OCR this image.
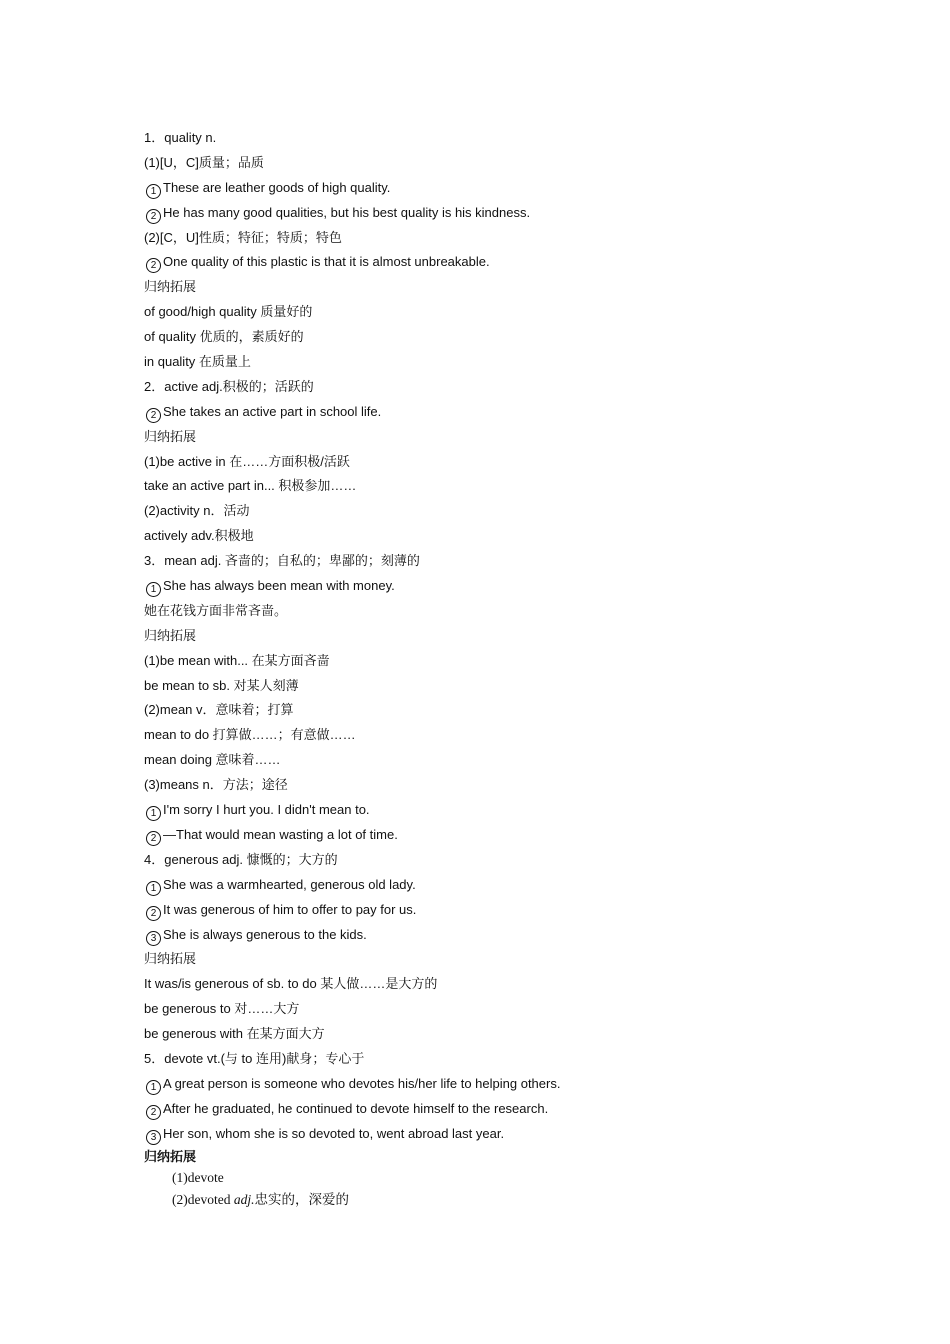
1．quality n.
(1)[U，C]质量；品质
1 These are leather goods of high quality.
2 He has many good qualities, but his best quality is his kindness.
(2)[C，U]性质；特征；特质；特色
2 One quality of this plastic is that it is almost unbreakable.
归纳拓展
of good/high quality 质量好的
of quality 优质的，素质好的
in quality 在质量上
2．active adj.积极的；活跃的
2 She takes an active part in school life.
归纳拓展
(1)be active in 在……方面积极/活跃
take an active part in... 积极参加……
(2)activity n．活动
actively adv.积极地
3．mean adj. 吝啬的；自私的；卑鄙的；刻薄的
1 She has always been mean with money.
她在花钱方面非常吝啬。
归纳拓展
(1)be mean with... 在某方面吝啬
be mean to sb. 对某人刻薄
(2)mean v．意味着；打算
mean to do 打算做……；有意做……
mean doing 意味着……
(3)means n．方法；途径
1 I'm sorry I hurt you. I didn't mean to.
2 —That would mean wasting a lot of time.
4．generous adj. 慷慨的；大方的
1 She was a warmhearted, generous old lady.
2 It was generous of him to offer to pay for us.
3 She is always generous to the kids.
归纳拓展
It was/is generous of sb. to do 某人做……是大方的
be generous to 对……大方
be generous with 在某方面大方
5．devote vt.(与 to 连用)献身；专心于
1 A great person is someone who devotes his/her life to helping others.
2 After he graduated, he continued to devote himself to the research.
3 Her son, whom she is so devoted to, went abroad last year.
归纳拓展
(1)devote
(2)devoted adj.忠实的，深爱的
